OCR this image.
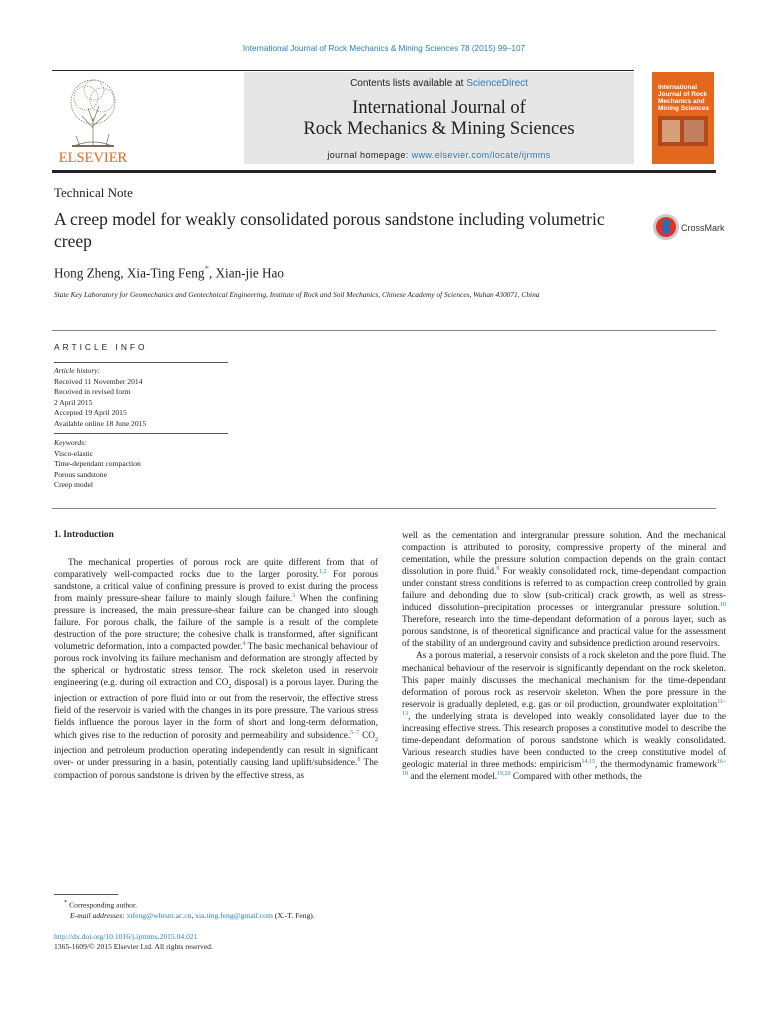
International Journal of Rock Mechanics & Mining Sciences 78 (2015) 99–107
ELSEVIER
Contents lists available at ScienceDirect
International Journal of
Rock Mechanics & Mining Sciences
journal homepage: www.elsevier.com/locate/ijrmms
International Journal of Rock Mechanics and Mining Sciences
Technical Note
A creep model for weakly consolidated porous sandstone including volumetric creep
CrossMark
Hong Zheng, Xia-Ting Feng*, Xian-jie Hao
State Key Laboratory for Geomechanics and Geotechnical Engineering, Institute of Rock and Soil Mechanics, Chinese Academy of Sciences, Wuhan 430071, China
ARTICLE INFO
Article history:
Received 11 November 2014
Received in revised form
2 April 2015
Accepted 19 April 2015
Available online 18 June 2015
Keywords:
Visco-elastic
Time-dependant compaction
Porous sandstone
Creep model
1. Introduction

The mechanical properties of porous rock are quite different from that of comparatively well-compacted rocks due to the larger porosity.$^{1,2}$ For porous sandstone, a critical value of confining pressure is proved to exist during the process from mainly pressure-shear failure to mainly slough failure.$^3$ When the confining pressure is increased, the main pressure-shear failure can be changed into slough failure. For porous chalk, the failure of the sample is a result of the complete destruction of the pore structure; the cohesive chalk is transformed, after significant volumetric deformation, into a compacted powder.$^4$ The basic mechanical behaviour of porous rock involving its failure mechanism and deformation are strongly affected by the spherical or hydrostatic stress tensor. The rock skeleton used in reservoir engineering (e.g. during oil extraction and $CO_2$ disposal) is a porous layer. During the injection or extraction of pore fluid into or out from the reservoir, the effective stress field of the reservoir is varied with the changes in its pore pressure. The various stress fields influence the porous layer in the form of short and long-term deformation, which gives rise to the reduction of porosity and permeability and subsidence.$^{5-7}$ $CO_2$ injection and petroleum production operating independently can result in significant over- or under pressuring in a basin, potentially causing land uplift/subsidence.$^8$ The compaction of porous sandstone is driven by the effective stress, as

well as the cementation and intergranular pressure solution. And the mechanical compaction is attributed to porosity, compressive property of the mineral and cementation, while the pressure solution compaction depends on the grain contact dissolution in pore fluid.$^9$ For weakly consolidated rock, time-dependant compaction under constant stress conditions is referred to as compaction creep controlled by grain failure and debonding due to slow (sub-critical) crack growth, as well as stress-induced dissolution–precipitation processes or intergranular pressure solution.$^{10}$ Therefore, research into the time-dependant deformation of a porous layer, such as porous sandstone, is of theoretical significance and practical value for the assessment of the stability of an underground cavity and subsidence prediction around reservoirs.

As a porous material, a reservoir consists of a rock skeleton and the pore fluid. The mechanical behaviour of the reservoir is significantly dependant on the rock skeleton. This paper mainly discusses the mechanical mechanism for the time-dependant deformation of porous rock as reservoir skeleton. When the pore pressure in the reservoir is gradually depleted, e.g. gas or oil production, groundwater exploitation$^{11-13}$, the underlying strata is developed into weakly consolidated layer due to the increasing effective stress. This research proposes a constitutive model to describe the time-dependant deformation of porous sandstone which is weakly consolidated. Various research studies have been conducted to the creep constitutive model of geologic material in three methods: empiricism$^{14,15}$, the thermodynamic framework$^{16-18}$ and the element model.$^{19,20}$ Compared with other methods, the

* Corresponding author.
E-mail addresses: xtfeng@whrsm.ac.cn, xia.ting.feng@gmail.com (X.-T. Feng).
http://dx.doi.org/10.1016/j.ijrmms.2015.04.021
1365-1609/© 2015 Elsevier Ltd. All rights reserved.
